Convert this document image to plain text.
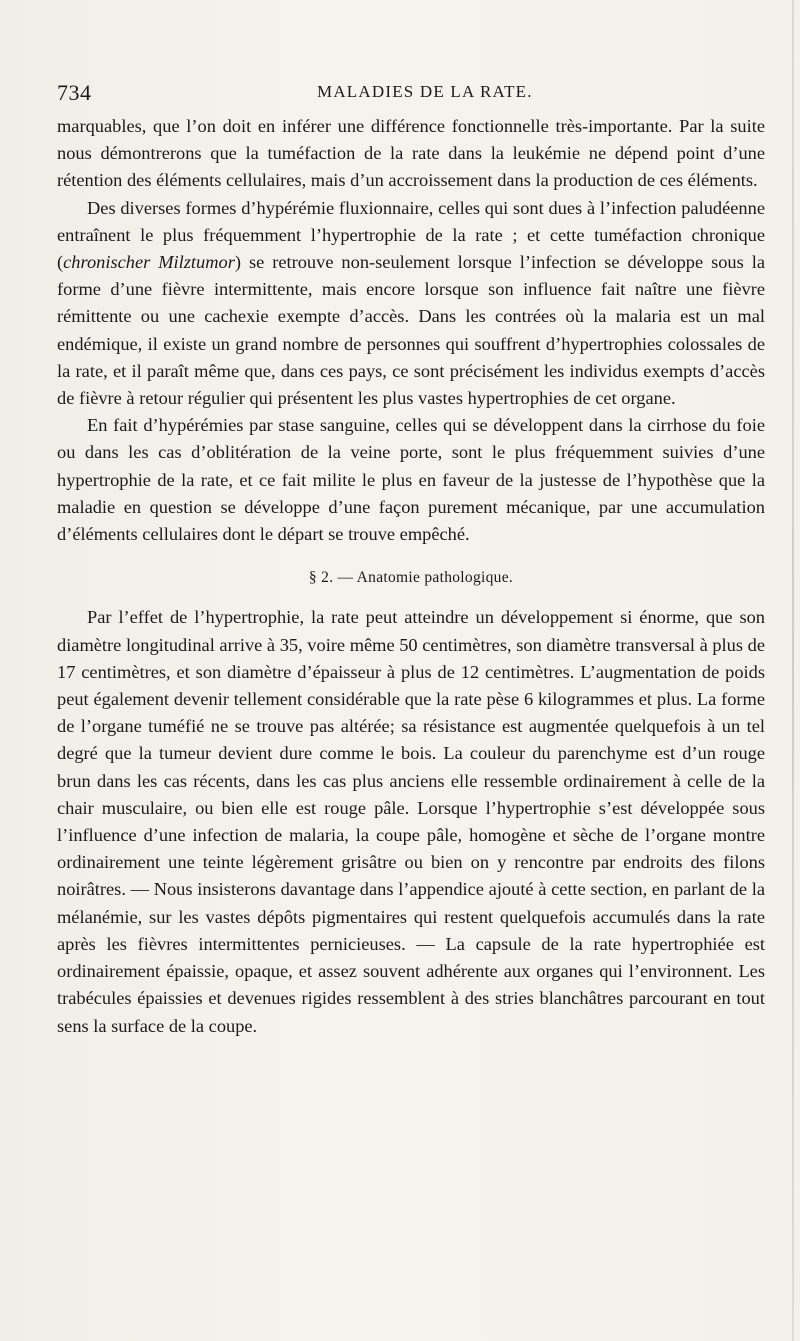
734	MALADIES DE LA RATE.

marquables, que l’on doit en inférer une différence fonctionnelle très-importante. Par la suite nous démontrerons que la tuméfaction de la rate dans la leukémie ne dépend point d’une rétention des éléments cellulaires, mais d’un accroissement dans la production de ces éléments.

Des diverses formes d’hypérémie fluxionnaire, celles qui sont dues à l’infection paludéenne entraînent le plus fréquemment l’hypertrophie de la rate ; et cette tuméfaction chronique (chronischer Milztumor) se retrouve non-seulement lorsque l’infection se développe sous la forme d’une fièvre intermittente, mais encore lorsque son influence fait naître une fièvre rémittente ou une cachexie exempte d’accès. Dans les contrées où la malaria est un mal endémique, il existe un grand nombre de personnes qui souffrent d’hypertrophies colossales de la rate, et il paraît même que, dans ces pays, ce sont précisément les individus exempts d’accès de fièvre à retour régulier qui présentent les plus vastes hypertrophies de cet organe.

En fait d’hypérémies par stase sanguine, celles qui se développent dans la cirrhose du foie ou dans les cas d’oblitération de la veine porte, sont le plus fréquemment suivies d’une hypertrophie de la rate, et ce fait milite le plus en faveur de la justesse de l’hypothèse que la maladie en question se développe d’une façon purement mécanique, par une accumulation d’éléments cellulaires dont le départ se trouve empêché.

§ 2. — Anatomie pathologique.

Par l’effet de l’hypertrophie, la rate peut atteindre un développement si énorme, que son diamètre longitudinal arrive à 35, voire même 50 centimètres, son diamètre transversal à plus de 17 centimètres, et son diamètre d’épaisseur à plus de 12 centimètres. L’augmentation de poids peut également devenir tellement considérable que la rate pèse 6 kilogrammes et plus. La forme de l’organe tuméfié ne se trouve pas altérée; sa résistance est augmentée quelquefois à un tel degré que la tumeur devient dure comme le bois. La couleur du parenchyme est d’un rouge brun dans les cas récents, dans les cas plus anciens elle ressemble ordinairement à celle de la chair musculaire, ou bien elle est rouge pâle. Lorsque l’hypertrophie s’est développée sous l’influence d’une infection de malaria, la coupe pâle, homogène et sèche de l’organe montre ordinairement une teinte légèrement grisâtre ou bien on y rencontre par endroits des filons noirâtres. — Nous insisterons davantage dans l’appendice ajouté à cette section, en parlant de la mélanémie, sur les vastes dépôts pigmentaires qui restent quelquefois accumulés dans la rate après les fièvres intermittentes pernicieuses. — La capsule de la rate hypertrophiée est ordinairement épaissie, opaque, et assez souvent adhérente aux organes qui l’environnent. Les trabécules épaissies et devenues rigides ressemblent à des stries blanchâtres parcourant en tout sens la surface de la coupe.
